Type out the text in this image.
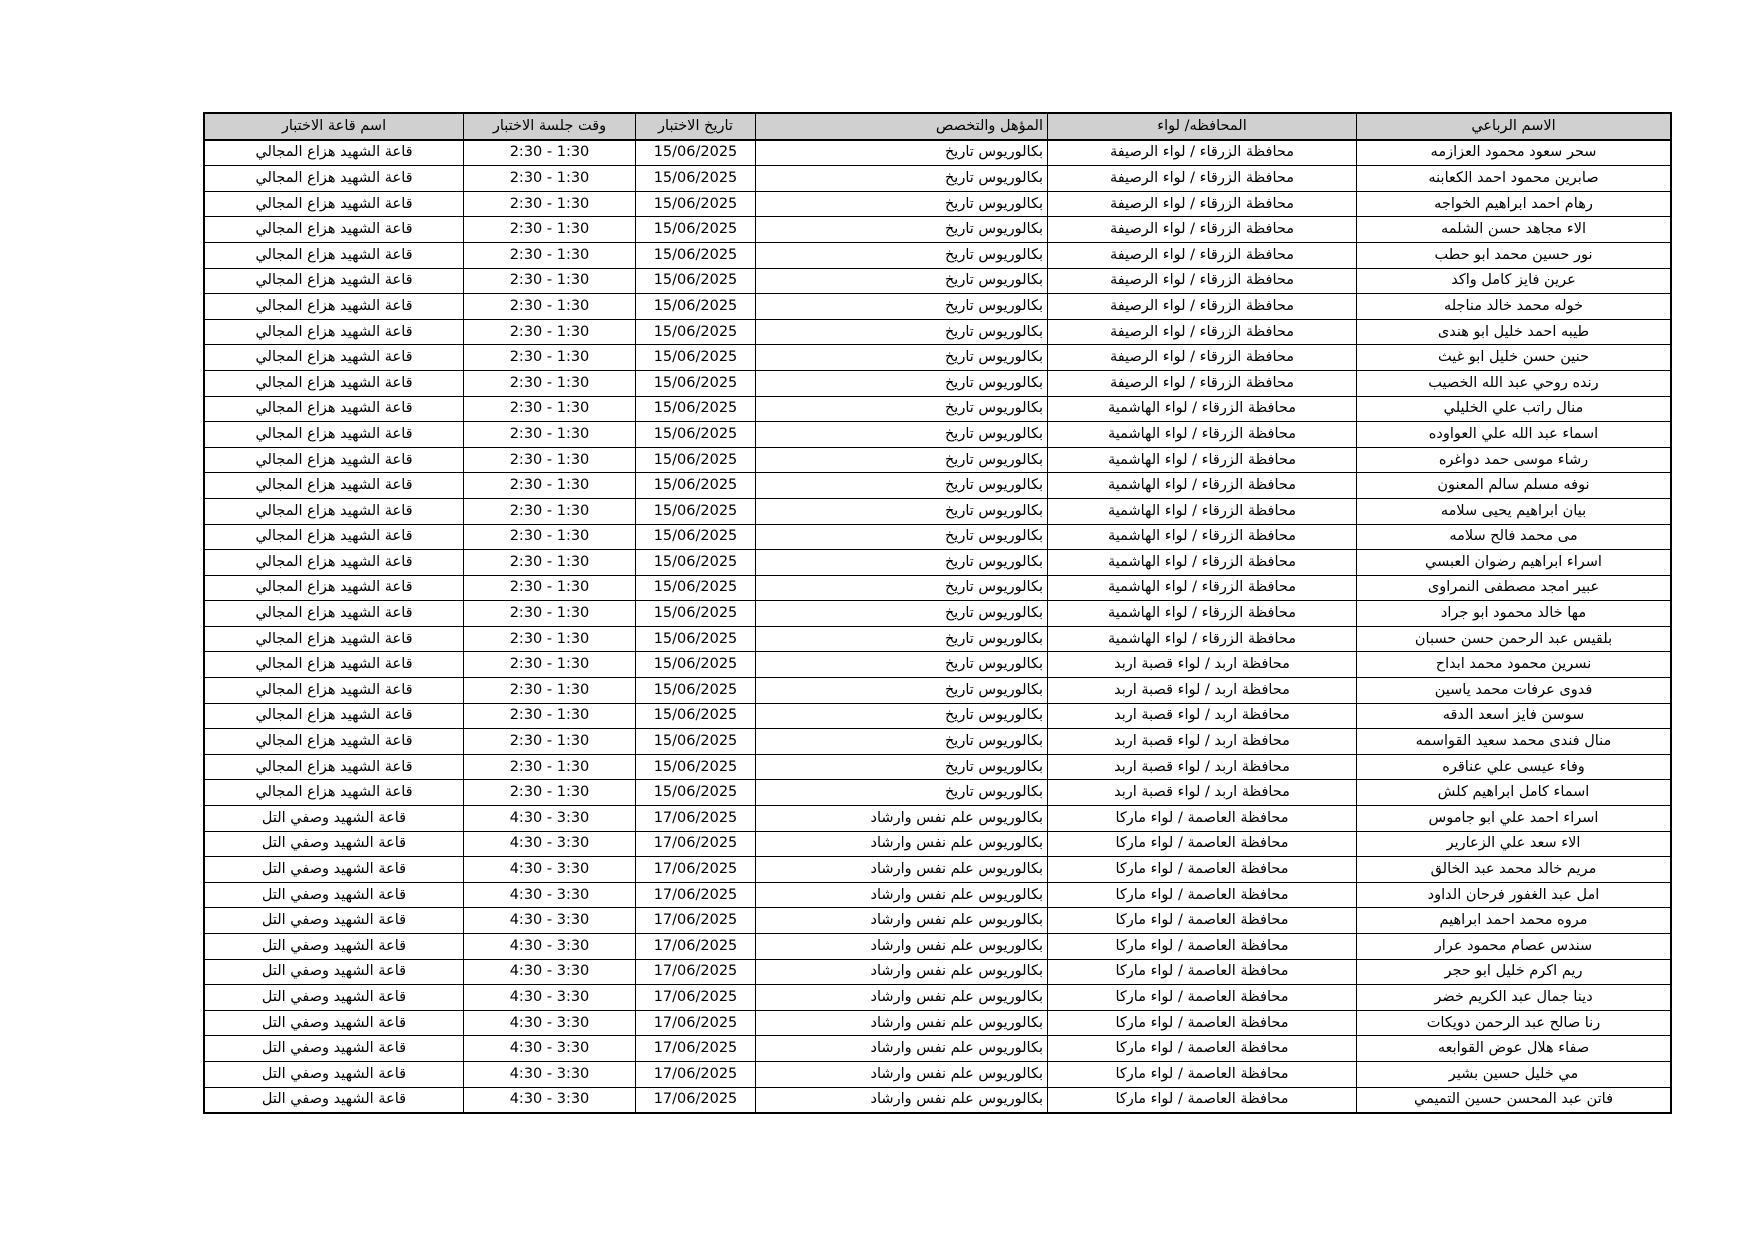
الاسم الرباعي	المحافظه/ لواء	المؤهل والتخصص	تاريخ الاختبار	وقت جلسة الاختبار	اسم قاعة الاختبار
سحر سعود محمود العزازمه	محافظة الزرقاء / لواء الرصيفة	بكالوريوس تاريخ	15/06/2025	2:30 - 1:30	قاعة الشهيد هزاع المجالي
صابرين محمود احمد الكعابنه	محافظة الزرقاء / لواء الرصيفة	بكالوريوس تاريخ	15/06/2025	2:30 - 1:30	قاعة الشهيد هزاع المجالي
رهام احمد ابراهيم الخواجه	محافظة الزرقاء / لواء الرصيفة	بكالوريوس تاريخ	15/06/2025	2:30 - 1:30	قاعة الشهيد هزاع المجالي
الاء مجاهد حسن الشلمه	محافظة الزرقاء / لواء الرصيفة	بكالوريوس تاريخ	15/06/2025	2:30 - 1:30	قاعة الشهيد هزاع المجالي
نور حسين محمد ابو حطب	محافظة الزرقاء / لواء الرصيفة	بكالوريوس تاريخ	15/06/2025	2:30 - 1:30	قاعة الشهيد هزاع المجالي
عرين فايز كامل واكد	محافظة الزرقاء / لواء الرصيفة	بكالوريوس تاريخ	15/06/2025	2:30 - 1:30	قاعة الشهيد هزاع المجالي
خوله محمد خالد مناجله	محافظة الزرقاء / لواء الرصيفة	بكالوريوس تاريخ	15/06/2025	2:30 - 1:30	قاعة الشهيد هزاع المجالي
طيبه احمد خليل ابو هندى	محافظة الزرقاء / لواء الرصيفة	بكالوريوس تاريخ	15/06/2025	2:30 - 1:30	قاعة الشهيد هزاع المجالي
حنين حسن خليل ابو غيث	محافظة الزرقاء / لواء الرصيفة	بكالوريوس تاريخ	15/06/2025	2:30 - 1:30	قاعة الشهيد هزاع المجالي
رنده روحي عبد الله الخصيب	محافظة الزرقاء / لواء الرصيفة	بكالوريوس تاريخ	15/06/2025	2:30 - 1:30	قاعة الشهيد هزاع المجالي
منال راتب علي الخليلي	محافظة الزرقاء / لواء الهاشمية	بكالوريوس تاريخ	15/06/2025	2:30 - 1:30	قاعة الشهيد هزاع المجالي
اسماء عبد الله علي العواوده	محافظة الزرقاء / لواء الهاشمية	بكالوريوس تاريخ	15/06/2025	2:30 - 1:30	قاعة الشهيد هزاع المجالي
رشاء موسى حمد دواغره	محافظة الزرقاء / لواء الهاشمية	بكالوريوس تاريخ	15/06/2025	2:30 - 1:30	قاعة الشهيد هزاع المجالي
نوفه مسلم سالم المعنون	محافظة الزرقاء / لواء الهاشمية	بكالوريوس تاريخ	15/06/2025	2:30 - 1:30	قاعة الشهيد هزاع المجالي
بيان ابراهيم يحيى سلامه	محافظة الزرقاء / لواء الهاشمية	بكالوريوس تاريخ	15/06/2025	2:30 - 1:30	قاعة الشهيد هزاع المجالي
مى محمد فالح سلامه	محافظة الزرقاء / لواء الهاشمية	بكالوريوس تاريخ	15/06/2025	2:30 - 1:30	قاعة الشهيد هزاع المجالي
اسراء ابراهيم رضوان العبسي	محافظة الزرقاء / لواء الهاشمية	بكالوريوس تاريخ	15/06/2025	2:30 - 1:30	قاعة الشهيد هزاع المجالي
عبير امجد مصطفى النمراوى	محافظة الزرقاء / لواء الهاشمية	بكالوريوس تاريخ	15/06/2025	2:30 - 1:30	قاعة الشهيد هزاع المجالي
مها خالد محمود ابو جراد	محافظة الزرقاء / لواء الهاشمية	بكالوريوس تاريخ	15/06/2025	2:30 - 1:30	قاعة الشهيد هزاع المجالي
بلقيس عبد الرحمن حسن حسبان	محافظة الزرقاء / لواء الهاشمية	بكالوريوس تاريخ	15/06/2025	2:30 - 1:30	قاعة الشهيد هزاع المجالي
نسرين محمود محمد ابداح	محافظة اربد / لواء قصبة اربد	بكالوريوس تاريخ	15/06/2025	2:30 - 1:30	قاعة الشهيد هزاع المجالي
فدوى عرفات محمد ياسين	محافظة اربد / لواء قصبة اربد	بكالوريوس تاريخ	15/06/2025	2:30 - 1:30	قاعة الشهيد هزاع المجالي
سوسن فايز اسعد الدقه	محافظة اربد / لواء قصبة اربد	بكالوريوس تاريخ	15/06/2025	2:30 - 1:30	قاعة الشهيد هزاع المجالي
منال فندى محمد سعيد القواسمه	محافظة اربد / لواء قصبة اربد	بكالوريوس تاريخ	15/06/2025	2:30 - 1:30	قاعة الشهيد هزاع المجالي
وفاء عيسى علي عناقره	محافظة اربد / لواء قصبة اربد	بكالوريوس تاريخ	15/06/2025	2:30 - 1:30	قاعة الشهيد هزاع المجالي
اسماء كامل ابراهيم كلش	محافظة اربد / لواء قصبة اربد	بكالوريوس تاريخ	15/06/2025	2:30 - 1:30	قاعة الشهيد هزاع المجالي
اسراء احمد علي ابو جاموس	محافظة العاصمة / لواء ماركا	بكالوريوس علم نفس وارشاد	17/06/2025	4:30 - 3:30	قاعة الشهيد وصفي التل
الاء سعد علي الزعارير	محافظة العاصمة / لواء ماركا	بكالوريوس علم نفس وارشاد	17/06/2025	4:30 - 3:30	قاعة الشهيد وصفي التل
مريم خالد محمد عبد الخالق	محافظة العاصمة / لواء ماركا	بكالوريوس علم نفس وارشاد	17/06/2025	4:30 - 3:30	قاعة الشهيد وصفي التل
امل عبد الغفور فرحان الداود	محافظة العاصمة / لواء ماركا	بكالوريوس علم نفس وارشاد	17/06/2025	4:30 - 3:30	قاعة الشهيد وصفي التل
مروه محمد احمد ابراهيم	محافظة العاصمة / لواء ماركا	بكالوريوس علم نفس وارشاد	17/06/2025	4:30 - 3:30	قاعة الشهيد وصفي التل
سندس عصام محمود عرار	محافظة العاصمة / لواء ماركا	بكالوريوس علم نفس وارشاد	17/06/2025	4:30 - 3:30	قاعة الشهيد وصفي التل
ريم اكرم خليل ابو حجر	محافظة العاصمة / لواء ماركا	بكالوريوس علم نفس وارشاد	17/06/2025	4:30 - 3:30	قاعة الشهيد وصفي التل
دينا جمال عبد الكريم خضر	محافظة العاصمة / لواء ماركا	بكالوريوس علم نفس وارشاد	17/06/2025	4:30 - 3:30	قاعة الشهيد وصفي التل
رنا صالح عبد الرحمن دويكات	محافظة العاصمة / لواء ماركا	بكالوريوس علم نفس وارشاد	17/06/2025	4:30 - 3:30	قاعة الشهيد وصفي التل
صفاء هلال عوض القوابعه	محافظة العاصمة / لواء ماركا	بكالوريوس علم نفس وارشاد	17/06/2025	4:30 - 3:30	قاعة الشهيد وصفي التل
مي خليل حسين بشير	محافظة العاصمة / لواء ماركا	بكالوريوس علم نفس وارشاد	17/06/2025	4:30 - 3:30	قاعة الشهيد وصفي التل
فاتن عبد المحسن حسين التميمي	محافظة العاصمة / لواء ماركا	بكالوريوس علم نفس وارشاد	17/06/2025	4:30 - 3:30	قاعة الشهيد وصفي التل
